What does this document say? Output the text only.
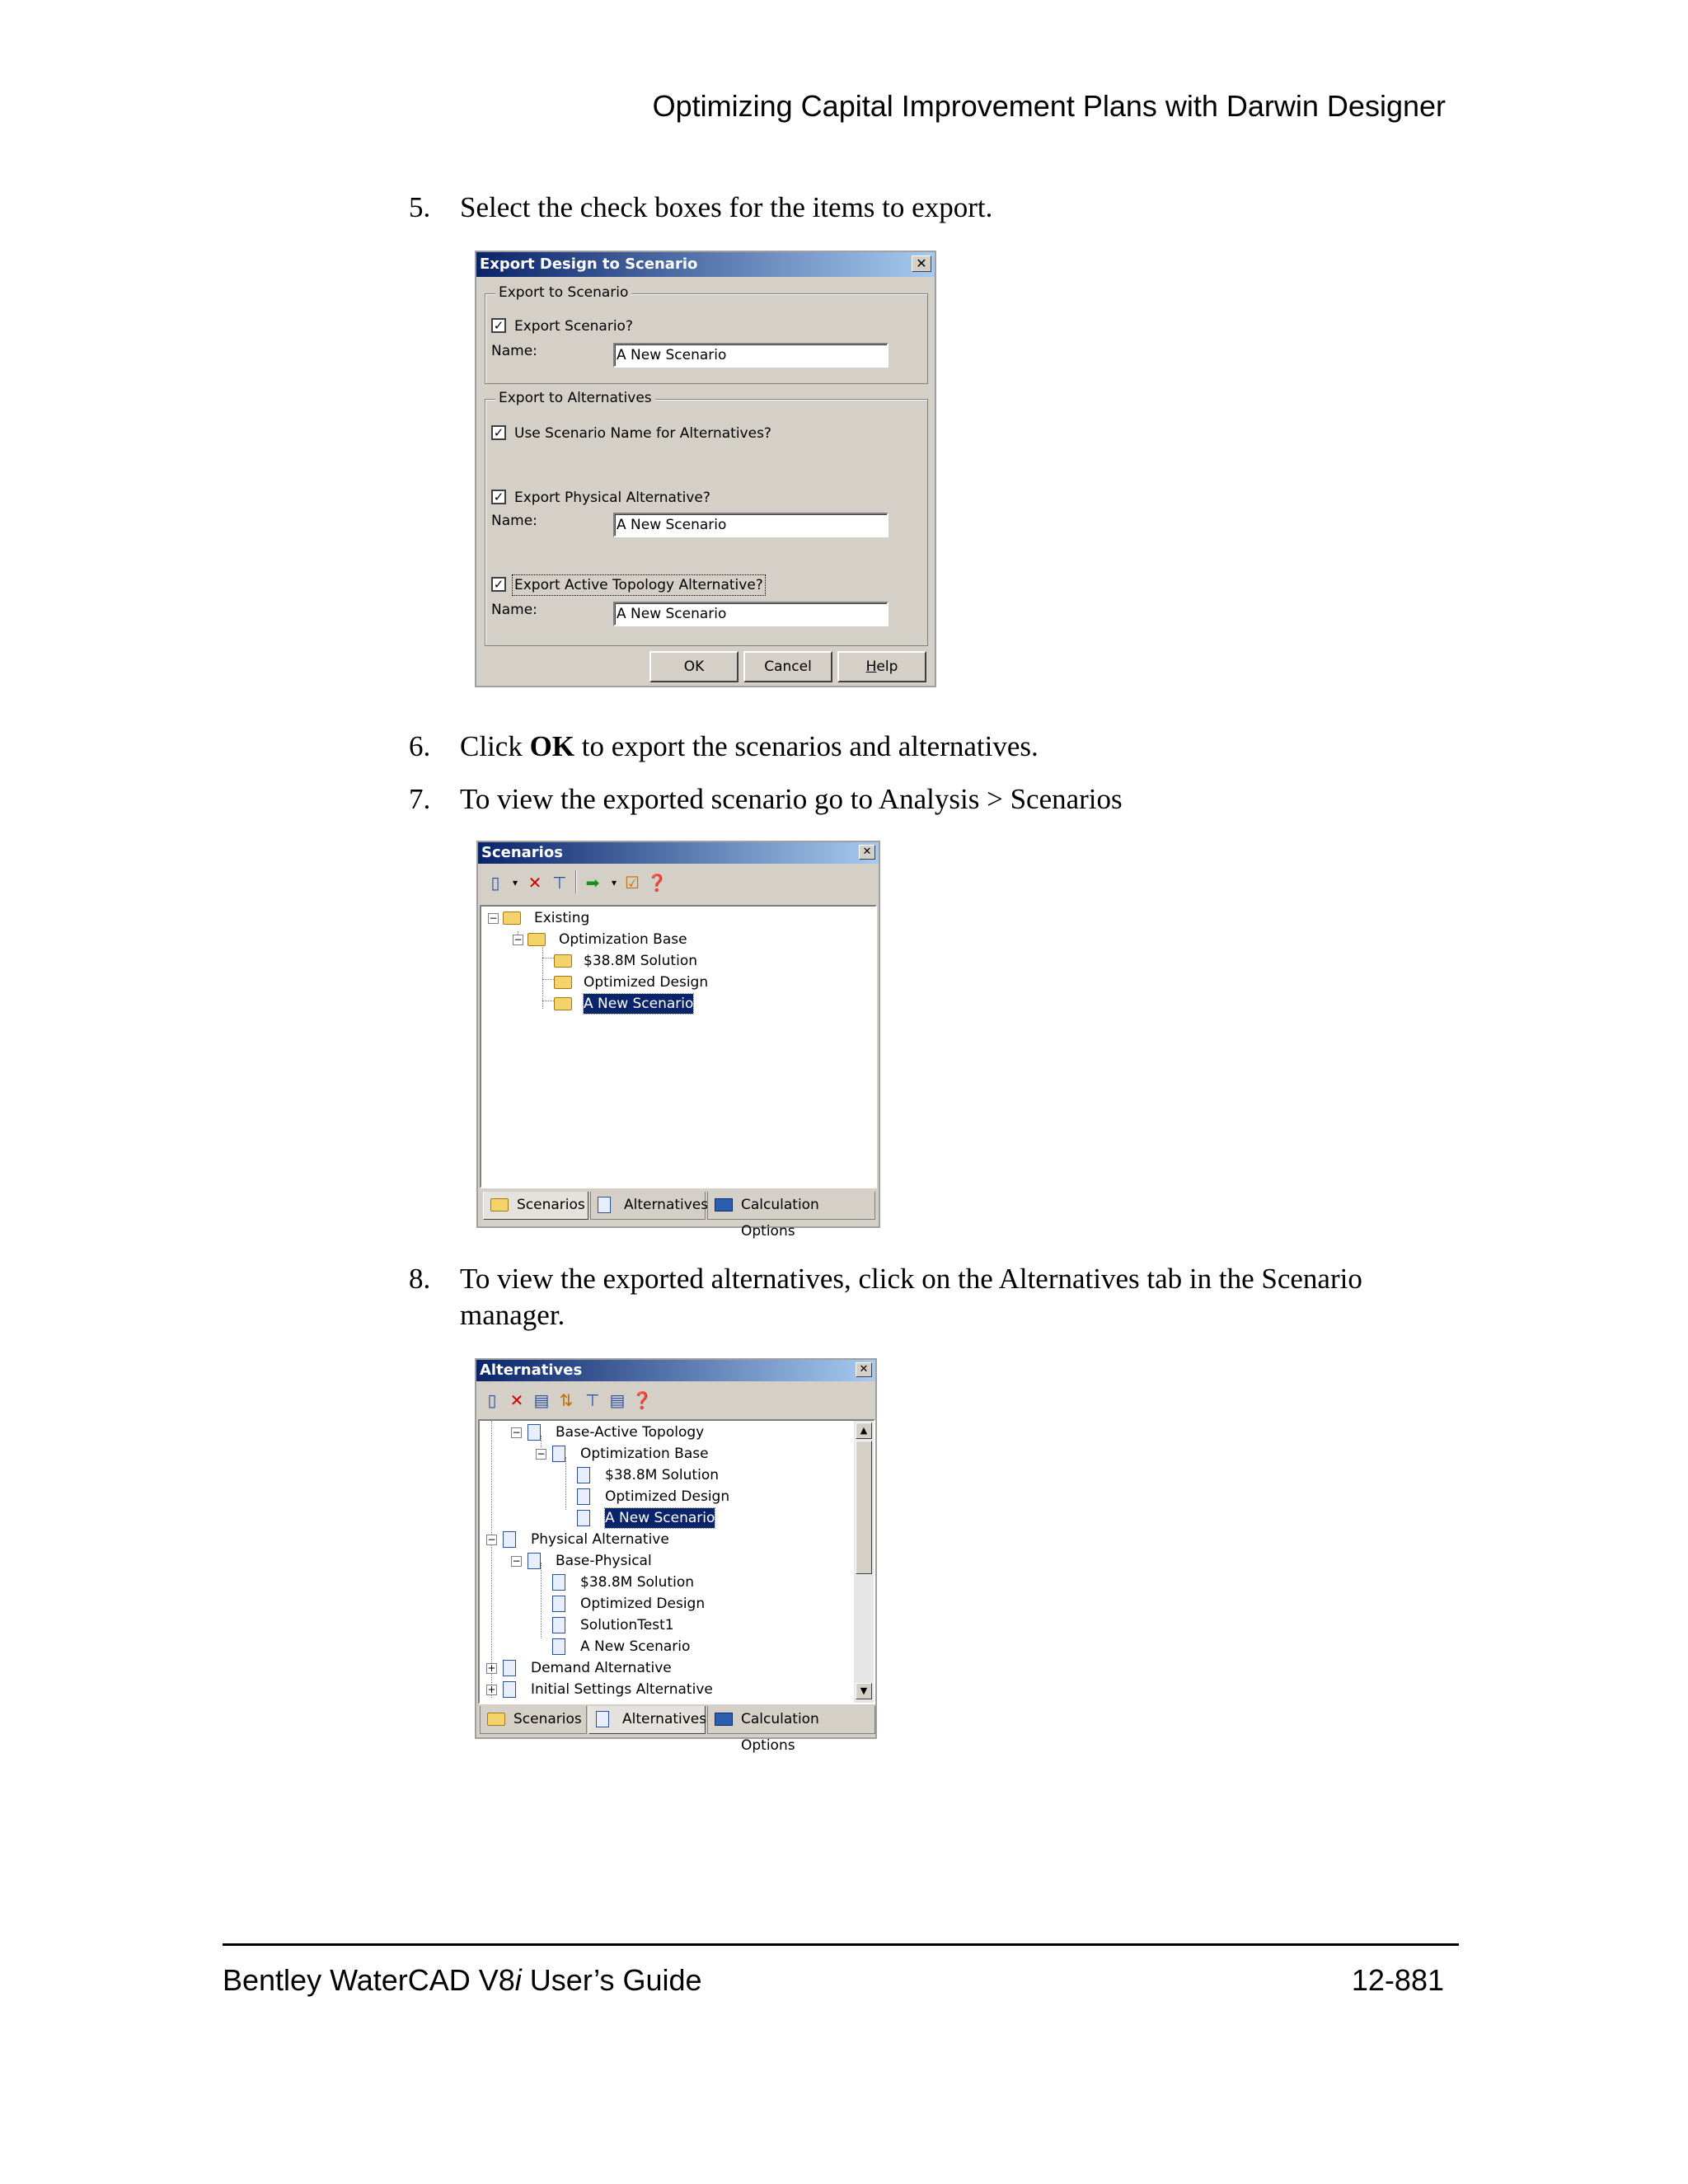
Optimizing Capital Improvement Plans with Darwin Designer
5. Select the check boxes for the items to export.
Export Design to Scenario	✕
Export to Scenario
✓ Export Scenario?
Name:	A New Scenario
Export to Alternatives
✓ Use Scenario Name for Alternatives?
✓ Export Physical Alternative?
Name:	A New Scenario
✓ Export Active Topology Alternative?
Name:	A New Scenario
OK	Cancel	Help
6. Click OK to export the scenarios and alternatives.
7. To view the exported scenario go to Analysis > Scenarios
Scenarios	✕
▯	▾ ✕ ⊤ ➡	▾ ☑ ❓
−	Existing
−	Optimization Base
$38.8M Solution
Optimized Design
A New Scenario
Scenarios	Alternatives	Calculation Options
8. To view the exported alternatives, click on the Alternatives tab in the Scenario manager.
Alternatives	✕
▯ ✕ ▤ ⇅ ⊤ ▤ ❓
− Base-Active Topology
− Optimization Base
$38.8M Solution
Optimized Design
A New Scenario
− Physical Alternative
− Base-Physical
$38.8M Solution
Optimized Design
SolutionTest1
A New Scenario
+ Demand Alternative
+ Initial Settings Alternative
▲
▼
Scenarios	Alternatives	Calculation Options
Bentley WaterCAD V8i User’s Guide	12-881
